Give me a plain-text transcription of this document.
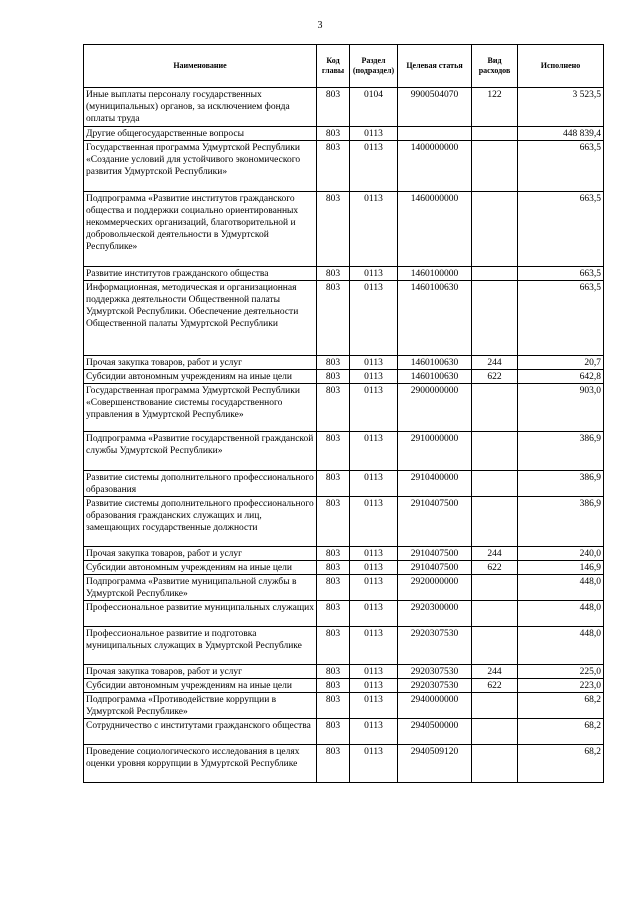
3
Наименование	Код главы	Раздел (подраздел)	Целевая статья	Вид расходов	Исполнено
Иные выплаты персоналу государственных (муниципальных) органов, за исключением фонда оплаты труда	803	0104	9900504070	122	3 523,5
Другие общегосударственные вопросы	803	0113			448 839,4
Государственная программа Удмуртской Республики «Создание условий для устойчивого экономического развития Удмуртской Республики»	803	0113	1400000000		663,5
Подпрограмма «Развитие институтов гражданского общества и поддержки социально ориентированных некоммерческих организаций, благотворительной и добровольческой деятельности в Удмуртской Республике»	803	0113	1460000000		663,5
Развитие институтов гражданского общества	803	0113	1460100000		663,5
Информационная, методическая и организационная поддержка деятельности Общественной палаты Удмуртской Республики. Обеспечение деятельности Общественной палаты Удмуртской Республики	803	0113	1460100630		663,5
Прочая закупка товаров, работ и услуг	803	0113	1460100630	244	20,7
Субсидии автономным учреждениям на иные цели	803	0113	1460100630	622	642,8
Государственная программа Удмуртской Республики «Совершенствование системы государственного управления в Удмуртской Республике»	803	0113	2900000000		903,0
Подпрограмма «Развитие государственной гражданской службы Удмуртской Республики»	803	0113	2910000000		386,9
Развитие системы дополнительного профессионального образования	803	0113	2910400000		386,9
Развитие системы дополнительного профессионального образования гражданских служащих и лиц, замещающих государственные должности	803	0113	2910407500		386,9
Прочая закупка товаров, работ и услуг	803	0113	2910407500	244	240,0
Субсидии автономным учреждениям на иные цели	803	0113	2910407500	622	146,9
Подпрограмма «Развитие муниципальной службы в Удмуртской Республике»	803	0113	2920000000		448,0
Профессиональное развитие муниципальных служащих	803	0113	2920300000		448,0
Профессиональное развитие и подготовка муниципальных служащих в Удмуртской Республике	803	0113	2920307530		448,0
Прочая закупка товаров, работ и услуг	803	0113	2920307530	244	225,0
Субсидии автономным учреждениям на иные цели	803	0113	2920307530	622	223,0
Подпрограмма «Противодействие коррупции в Удмуртской Республике»	803	0113	2940000000		68,2
Сотрудничество с институтами гражданского общества	803	0113	2940500000		68,2
Проведение социологического исследования в целях оценки уровня коррупции в Удмуртской Республике	803	0113	2940509120		68,2
